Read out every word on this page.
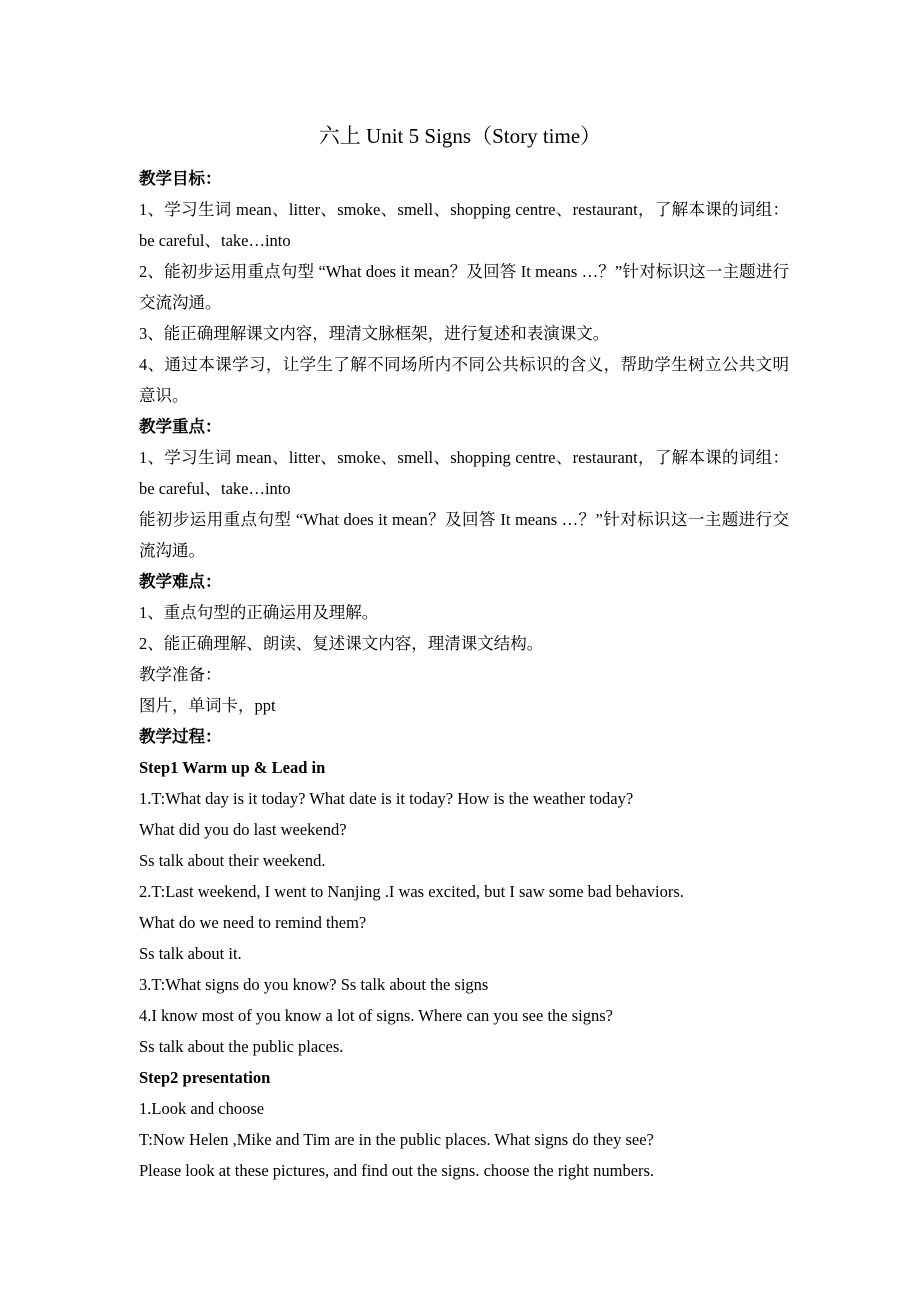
六上 Unit 5 Signs（Story time）
教学目标：
1、学习生词 mean、litter、smoke、smell、shopping centre、restaurant，了解本课的词组：be careful、take…into
2、能初步运用重点句型 “What does it mean？及回答 It means …？”针对标识这一主题进行交流沟通。
3、能正确理解课文内容，理清文脉框架，进行复述和表演课文。
4、通过本课学习，让学生了解不同场所内不同公共标识的含义，帮助学生树立公共文明意识。
教学重点：
1、学习生词 mean、litter、smoke、smell、shopping centre、restaurant，了解本课的词组：be careful、take…into
能初步运用重点句型 “What does it mean？及回答 It means …？”针对标识这一主题进行交流沟通。
教学难点：
1、重点句型的正确运用及理解。
2、能正确理解、朗读、复述课文内容，理清课文结构。
教学准备：
图片，单词卡，ppt
教学过程：
Step1 Warm up & Lead in
1.T:What day is it today? What date is it today? How is the weather today?
What did you do last weekend?
Ss talk about their weekend.
2.T:Last weekend, I went to Nanjing .I was excited, but I saw some bad behaviors.
What do we need to remind them?
Ss talk about it.
3.T:What signs do you know? Ss talk about the signs
4.I know most of you know a lot of signs. Where can you see the signs?
Ss talk about the public places.
Step2 presentation
1.Look and choose
T:Now Helen ,Mike and Tim are in the public places. What signs do they see?
Please look at these pictures, and find out the signs. choose the right numbers.
